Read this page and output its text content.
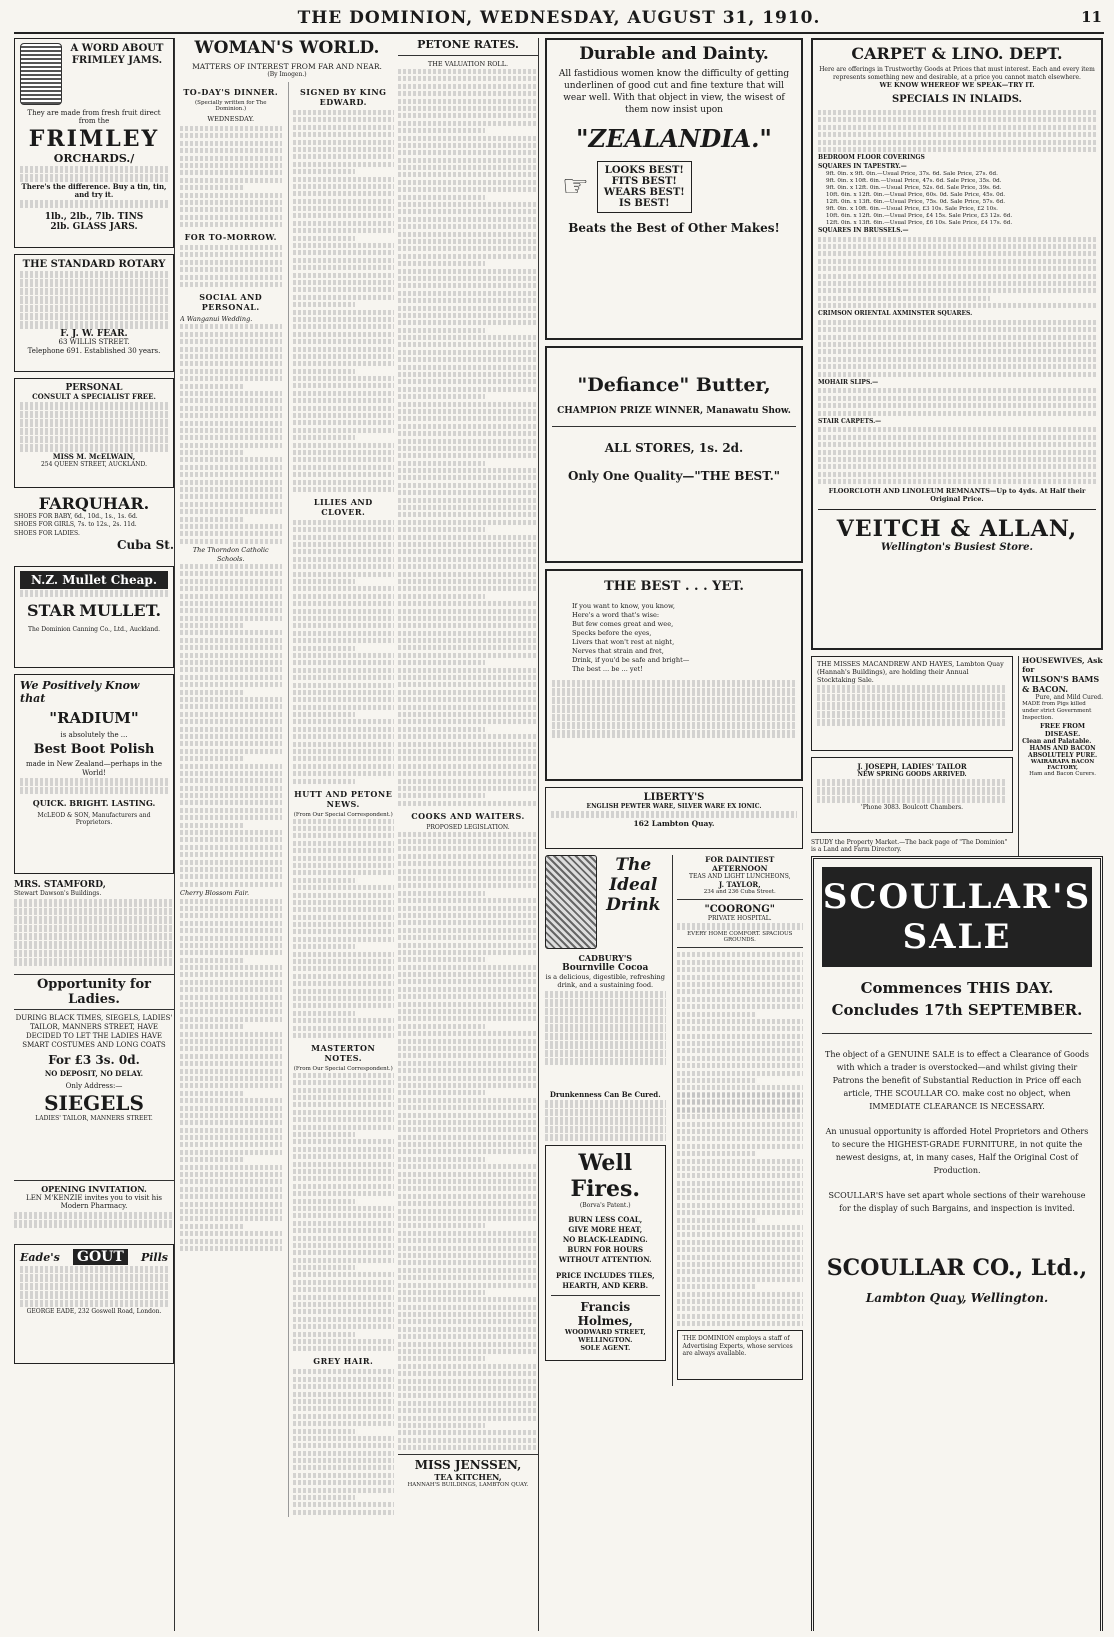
THE DOMINION, WEDNESDAY, AUGUST 31, 1910.	11
A WORD ABOUT FRIMLEY JAMS.
They are made from fresh fruit direct from the
FRIMLEY
ORCHARDS./
There's the difference. Buy a tin, tin, and try it.
1lb., 2lb., 7lb. TINS
2lb. GLASS JARS.
THE STANDARD ROTARY
F. J. W. FEAR.
63 WILLIS STREET.
Telephone 691. Established 30 years.
PERSONAL
CONSULT A SPECIALIST FREE.
MISS M. McELWAIN,
254 QUEEN STREET, AUCKLAND.
FARQUHAR.
SHOES FOR BABY, 6d., 10d., 1s., 1s. 6d.
SHOES FOR GIRLS, 7s. to 12s., 2s. 11d.
SHOES FOR LADIES.
Cuba St.
N.Z. Mullet Cheap.
STAR MULLET.
The Dominion Canning Co., Ltd., Auckland.
We Positively Know that
"RADIUM"
is absolutely the ...
Best Boot Polish
made in New Zealand—perhaps in the World!
QUICK. BRIGHT. LASTING.
McLEOD & SON, Manufacturers and Proprietors.
MRS. STAMFORD,
Stewart Dawson's Buildings.
Opportunity for Ladies.
DURING BLACK TIMES, SIEGELS, LADIES' TAILOR, MANNERS STREET, HAVE DECIDED TO LET THE LADIES HAVE SMART COSTUMES AND LONG COATS
For £3 3s. 0d.
NO DEPOSIT, NO DELAY.
Only Address:—
SIEGELS
LADIES' TAILOR, MANNERS STREET.
OPENING INVITATION.
LEN M'KENZIE invites you to visit his Modern Pharmacy.
Eade's GOUT	Pills
GEORGE EADE, 232 Goswell Road, London.
WOMAN'S WORLD.
MATTERS OF INTEREST FROM FAR AND NEAR.
(By Imogen.)
TO-DAY'S DINNER.
(Specially written for The Dominion.)
WEDNESDAY.
FOR TO-MORROW.
SOCIAL AND PERSONAL.
A Wanganui Wedding.
The Thorndon Catholic Schools.
Cherry Blossom Fair.
SIGNED BY KING EDWARD.
LILIES AND CLOVER.
HUTT AND PETONE NEWS.
(From Our Special Correspondent.)
MASTERTON NOTES.
(From Our Special Correspondent.)
GREY HAIR.
PETONE RATES.
THE VALUATION ROLL.
COOKS AND WAITERS.
PROPOSED LEGISLATION.
MISS JENSSEN,
TEA KITCHEN,
HANNAH'S BUILDINGS, LAMBTON QUAY.
Durable and Dainty.
All fastidious women know the difficulty of getting underlinen of good cut and fine texture that will wear well. With that object in view, the wisest of them now insist upon
"ZEALANDIA."
☞ LOOKS BEST!
FITS BEST!
WEARS BEST!
IS BEST!
Beats the Best of Other Makes!
"Defiance" Butter,
CHAMPION PRIZE WINNER, Manawatu Show.
ALL STORES, 1s. 2d.
Only One Quality—"THE BEST."
THE BEST . . . YET.
If you want to know, you know,
Here's a word that's wise:
But few comes great and wee,
Specks before the eyes,
Livers that won't rest at night,
Nerves that strain and fret,
Drink, if you'd be safe and bright—
The best ... be ... yet!
LIBERTY'S
ENGLISH PEWTER WARE, SILVER WARE EX IONIC.
162 Lambton Quay.
The Ideal Drink
CADBURY'S
Bournville Cocoa
is a delicious, digestible, refreshing drink, and a sustaining food.
FOR DAINTIEST AFTERNOON
TEAS AND LIGHT LUNCHEONS,
J. TAYLOR,
234 and 236 Cuba Street.
"COORONG"
PRIVATE HOSPITAL.
EVERY HOME COMFORT. SPACIOUS GROUNDS.
Drunkenness Can Be Cured.
Well Fires.
(Borva's Patent.)
BURN LESS COAL,
GIVE MORE HEAT,
NO BLACK-LEADING.
BURN FOR HOURS WITHOUT ATTENTION.
PRICE INCLUDES TILES, HEARTH, AND KERB.
Francis Holmes,
WOODWARD STREET,
WELLINGTON.
SOLE AGENT.
THE DOMINION employs a staff of Advertising Experts, whose services are always available.
CARPET & LINO. DEPT.
Here are offerings in Trustworthy Goods at Prices that must interest. Each and every item represents something new and desirable, at a price you cannot match elsewhere.
WE KNOW WHEREOF WE SPEAK—TRY IT.
SPECIALS IN INLAIDS.
BEDROOM FLOOR COVERINGS
SQUARES IN TAPESTRY.—
9ft. 0in. x 9ft. 0in.—Usual Price, 37s. 6d. Sale Price, 27s. 6d.
9ft. 0in. x 10ft. 6in.—Usual Price, 47s. 6d. Sale Price, 35s. 0d.
9ft. 0in. x 12ft. 0in.—Usual Price, 52s. 6d. Sale Price, 39s. 6d.
10ft. 6in. x 12ft. 0in.—Usual Price, 60s. 0d. Sale Price, 45s. 0d.
12ft. 0in. x 13ft. 6in.—Usual Price, 75s. 0d. Sale Price, 57s. 6d.
9ft. 0in. x 10ft. 6in.—Usual Price, £3 10s. Sale Price, £2 10s.
10ft. 6in. x 12ft. 0in.—Usual Price, £4 15s. Sale Price, £3 12s. 6d.
12ft. 0in. x 13ft. 6in.—Usual Price, £6 10s. Sale Price, £4 17s. 6d.
SQUARES IN BRUSSELS.—
CRIMSON ORIENTAL AXMINSTER SQUARES.
MOHAIR SLIPS.—
STAIR CARPETS.—
FLOORCLOTH AND LINOLEUM REMNANTS—Up to 4yds. At Half their Original Price.
VEITCH & ALLAN,
Wellington's Busiest Store.
THE MISSES MACANDREW AND HAYES, Lambton Quay (Hannah's Buildings), are holding their Annual Stocktaking Sale.
J. JOSEPH, LADIES' TAILOR
NEW SPRING GOODS ARRIVED.
'Phone 3083. Boulcott Chambers.
STUDY the Property Market.—The back page of "The Dominion" is a Land and Farm Directory.
HOUSEWIVES, Ask for
WILSON'S BAMS & BACON.
Pure, and Mild Cured.
MADE from Pigs killed under strict Government Inspection.
FREE FROM DISEASE.
Clean and Palatable.
HAMS AND BACON
ABSOLUTELY PURE.
WAIRARAPA BACON FACTORY,
Ham and Bacon Curers.
SCOULLAR'S SALE
Commences THIS DAY.
Concludes 17th SEPTEMBER.
The object of a GENUINE SALE is to effect a Clearance of Goods with which a trader is overstocked—and whilst giving their Patrons the benefit of Substantial Reduction in Price off each article, THE SCOULLAR CO. make cost no object, when IMMEDIATE CLEARANCE IS NECESSARY.
An unusual opportunity is afforded Hotel Proprietors and Others to secure the HIGHEST-GRADE FURNITURE, in not quite the newest designs, at, in many cases, Half the Original Cost of Production.
SCOULLAR'S have set apart whole sections of their warehouse for the display of such Bargains, and inspection is invited.
SCOULLAR CO., Ltd.,
Lambton Quay, Wellington.
